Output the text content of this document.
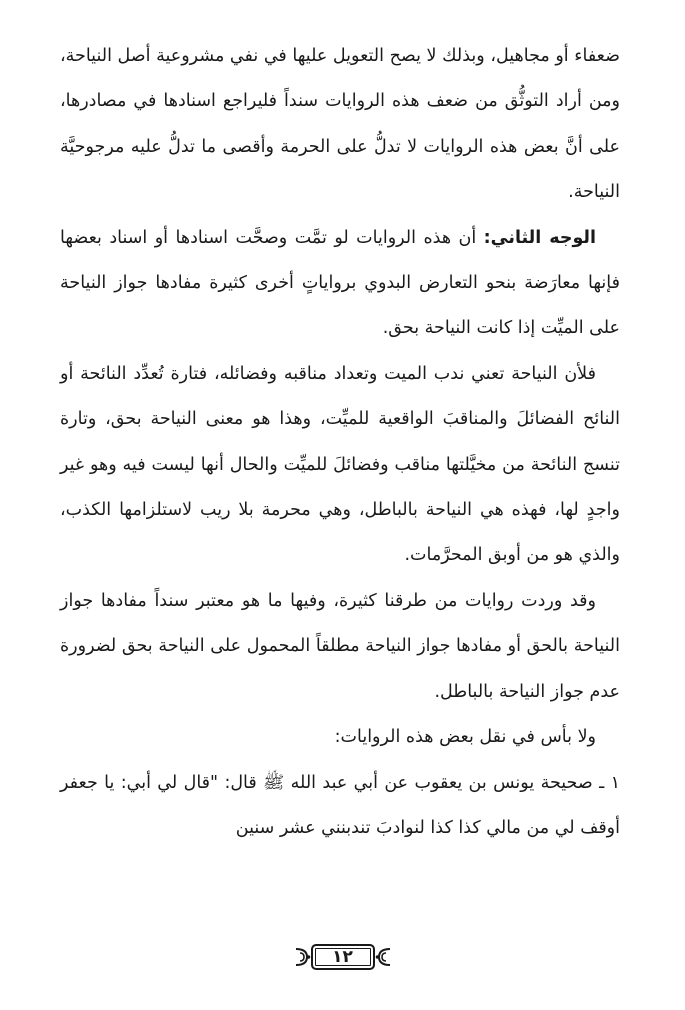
ضعفاء أو مجاهيل، وبذلك لا يصح التعويل عليها في نفي مشروعية أصل النياحة، ومن أراد التوثُّق من ضعف هذه الروايات سنداً فليراجع اسنادها في مصادرها، على أنَّ بعض هذه الروايات لا تدلُّ على الحرمة وأقصى ما تدلُّ عليه مرجوحيَّة النياحة.

الوجه الثاني: أن هذه الروايات لو تمَّت وصحَّت اسنادها أو اسناد بعضها فإنها معارَضة بنحو التعارض البدوي برواياتٍ أخرى كثيرة مفادها جواز النياحة على الميِّت إذا كانت النياحة بحق.

فلأن النياحة تعني ندب الميت وتعداد مناقبه وفضائله، فتارة تُعدِّد النائحة أو النائح الفضائلَ والمناقبَ الواقعية للميِّت، وهذا هو معنى النياحة بحق، وتارة تنسج النائحة من مخيَّلتها مناقب وفضائلَ للميِّت والحال أنها ليست فيه وهو غير واجدٍ لها، فهذه هي النياحة بالباطل، وهي محرمة بلا ريب لاستلزامها الكذب، والذي هو من أوبق المحرَّمات.

وقد وردت روايات من طرقنا كثيرة، وفيها ما هو معتبر سنداً مفادها جواز النياحة بالحق أو مفادها جواز النياحة مطلقاً المحمول على النياحة بحق لضرورة عدم جواز النياحة بالباطل.

ولا بأس في نقل بعض هذه الروايات:

١ ـ صحيحة يونس بن يعقوب عن أبي عبد الله ﷺ قال: "قال لي أبي: يا جعفر أوقف لي من مالي كذا كذا لنوادبَ تندبنني عشر سنين

١٢
